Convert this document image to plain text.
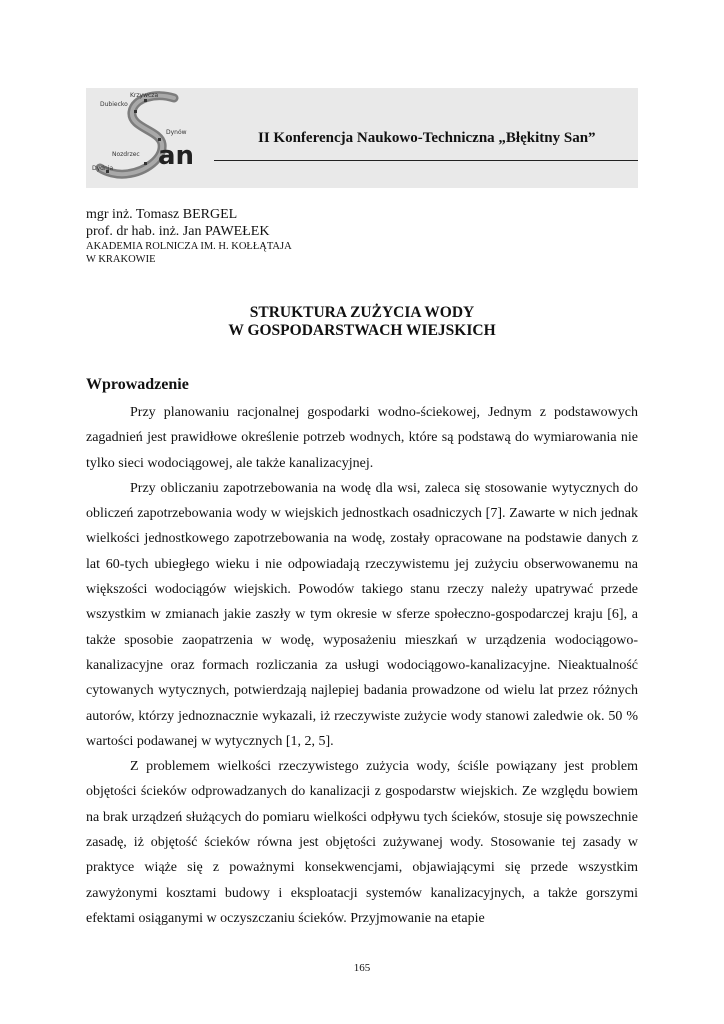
Krzywcza
Dubiecko
Dynów
Nozdrzec
Dydnia an
II Konferencja Naukowo-Techniczna „Błękitny San”
mgr inż. Tomasz BERGEL
prof. dr hab. inż. Jan PAWEŁEK
AKADEMIA ROLNICZA IM. H. KOŁŁĄTAJA
W KRAKOWIE
STRUKTURA ZUŻYCIA WODY
W GOSPODARSTWACH WIEJSKICH
Wprowadzenie

Przy planowaniu racjonalnej gospodarki wodno-ściekowej, Jednym z podstawowych zagadnień jest prawidłowe określenie potrzeb wodnych, które są podstawą do wymiarowania nie tylko sieci wodociągowej, ale także kanalizacyjnej.

Przy obliczaniu zapotrzebowania na wodę dla wsi, zaleca się stosowanie wytycznych do obliczeń zapotrzebowania wody w wiejskich jednostkach osadniczych [7]. Zawarte w nich jednak wielkości jednostkowego zapotrzebowania na wodę, zostały opracowane na podstawie danych z lat 60-tych ubiegłego wieku i nie odpowiadają rzeczywistemu jej zużyciu obserwowanemu na większości wodociągów wiejskich. Powodów takiego stanu rzeczy należy upatrywać przede wszystkim w zmianach jakie zaszły w tym okresie w sferze społeczno-gospodarczej kraju [6], a także sposobie zaopatrzenia w wodę, wyposażeniu mieszkań w urządzenia wodociągowo-kanalizacyjne oraz formach rozliczania za usługi wodociągowo-kanalizacyjne. Nieaktualność cytowanych wytycznych, potwierdzają najlepiej badania prowadzone od wielu lat przez różnych autorów, którzy jednoznacznie wykazali, iż rzeczywiste zużycie wody stanowi zaledwie ok. 50 % wartości podawanej w wytycznych [1, 2, 5].

Z problemem wielkości rzeczywistego zużycia wody, ściśle powiązany jest problem objętości ścieków odprowadzanych do kanalizacji z gospodarstw wiejskich. Ze względu bowiem na brak urządzeń służących do pomiaru wielkości odpływu tych ścieków, stosuje się powszechnie zasadę, iż objętość ścieków równa jest objętości zużywanej wody. Stosowanie tej zasady w praktyce wiąże się z poważnymi konsekwencjami, objawiającymi się przede wszystkim zawyżonymi kosztami budowy i eksploatacji systemów kanalizacyjnych, a także gorszymi efektami osiąganymi w oczyszczaniu ścieków. Przyjmowanie na etapie

165
